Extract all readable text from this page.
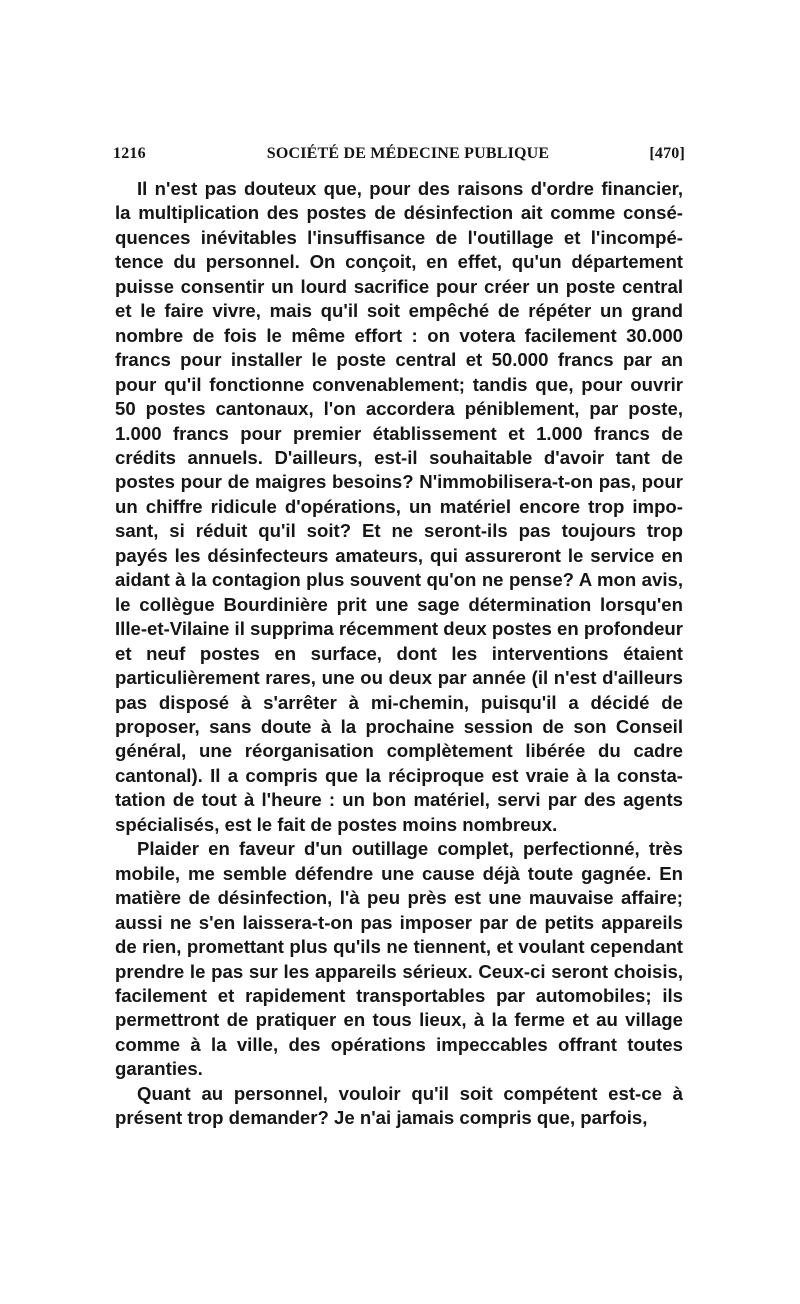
1216	SOCIÉTÉ DE MÉDECINE PUBLIQUE	[470]

Il n'est pas douteux que, pour des raisons d'ordre financier, la multiplication des postes de désinfection ait comme conséquences inévitables l'insuffisance de l'outillage et l'incompétence du personnel. On conçoit, en effet, qu'un département puisse consentir un lourd sacrifice pour créer un poste central et le faire vivre, mais qu'il soit empêché de répéter un grand nombre de fois le même effort : on votera facilement 30.000 francs pour installer le poste central et 50.000 francs par an pour qu'il fonctionne convenablement; tandis que, pour ouvrir 50 postes cantonaux, l'on accordera péniblement, par poste, 1.000 francs pour premier établissement et 1.000 francs de crédits annuels. D'ailleurs, est-il souhaitable d'avoir tant de postes pour de maigres besoins? N'immobilisera-t-on pas, pour un chiffre ridicule d'opérations, un matériel encore trop imposant, si réduit qu'il soit? Et ne seront-ils pas toujours trop payés les désinfecteurs amateurs, qui assureront le service en aidant à la contagion plus souvent qu'on ne pense? A mon avis, le collègue Bourdinière prit une sage détermination lorsqu'en Ille-et-Vilaine il supprima récemment deux postes en profondeur et neuf postes en surface, dont les interventions étaient particulièrement rares, une ou deux par année (il n'est d'ailleurs pas disposé à s'arrêter à mi-chemin, puisqu'il a décidé de proposer, sans doute à la prochaine session de son Conseil général, une réorganisation complètement libérée du cadre cantonal). Il a compris que la réciproque est vraie à la constatation de tout à l'heure : un bon matériel, servi par des agents spécialisés, est le fait de postes moins nombreux.

Plaider en faveur d'un outillage complet, perfectionné, très mobile, me semble défendre une cause déjà toute gagnée. En matière de désinfection, l'à peu près est une mauvaise affaire; aussi ne s'en laissera-t-on pas imposer par de petits appareils de rien, promettant plus qu'ils ne tiennent, et voulant cependant prendre le pas sur les appareils sérieux. Ceux-ci seront choisis, facilement et rapidement transportables par automobiles; ils permettront de pratiquer en tous lieux, à la ferme et au village comme à la ville, des opérations impeccables offrant toutes garanties.

Quant au personnel, vouloir qu'il soit compétent est-ce à présent trop demander? Je n'ai jamais compris que, parfois,
